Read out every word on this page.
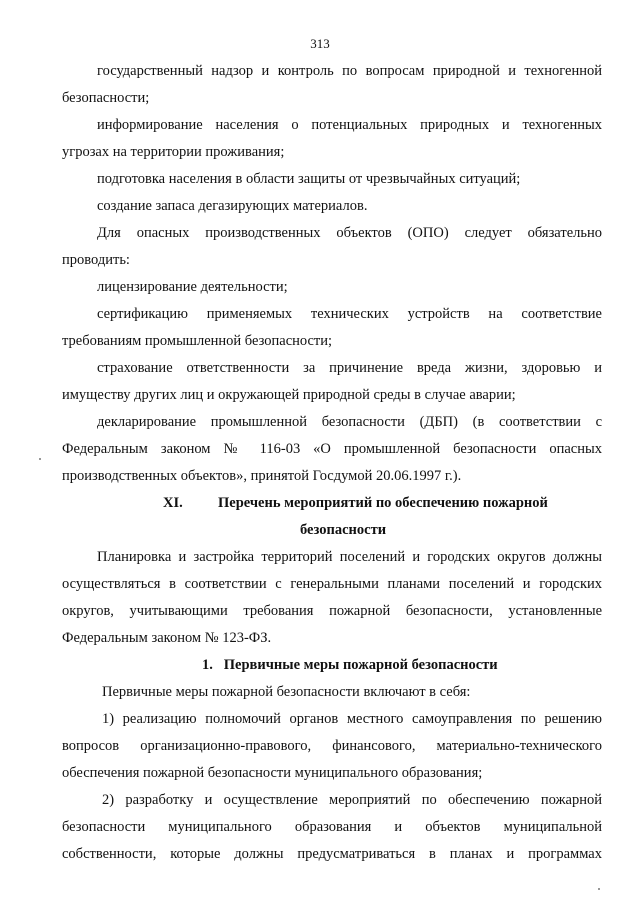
313
государственный надзор и контроль по вопросам природной и техногенной
безопасности;
информирование населения о потенциальных природных и техногенных
угрозах на территории проживания;
подготовка населения в области защиты от чрезвычайных ситуаций;
создание запаса дегазирующих материалов.
Для опасных производственных объектов (ОПО) следует обязательно
проводить:
лицензирование деятельности;
сертификацию применяемых технических устройств на соответствие
требованиям промышленной безопасности;
страхование ответственности за причинение вреда жизни, здоровью и
имуществу других лиц и окружающей природной среды в случае аварии;
декларирование промышленной безопасности (ДБП) (в соответствии с
Федеральным законом № 116-03 «О промышленной безопасности опасных
производственных объектов», принятой Госдумой 20.06.1997 г.).
XI. Перечень мероприятий по обеспечению пожарной
безопасности
Планировка и застройка территорий поселений и городских округов должны
осуществляться в соответствии с генеральными планами поселений и городских
округов, учитывающими требования пожарной безопасности, установленные
Федеральным законом № 123-ФЗ.
1.   Первичные меры пожарной безопасности
Первичные меры пожарной безопасности включают в себя:
1) реализацию полномочий органов местного самоуправления по решению
вопросов организационно-правового, финансового, материально-технического
обеспечения пожарной безопасности муниципального образования;
2) разработку и осуществление мероприятий по обеспечению пожарной
безопасности муниципального образования и объектов муниципальной
собственности, которые должны предусматриваться в планах и программах
